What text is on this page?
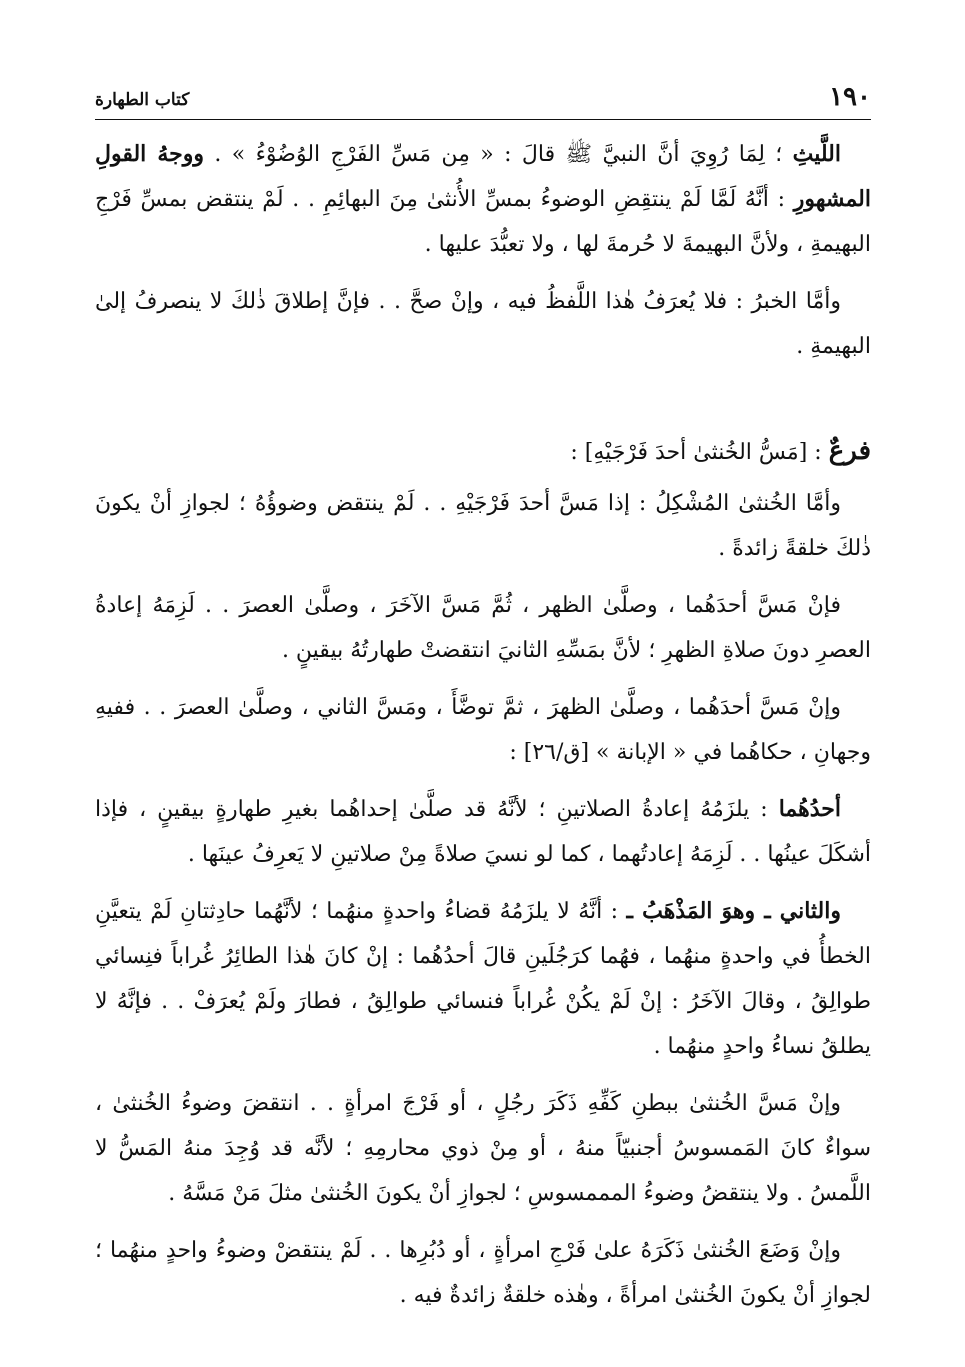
١٩٠
كتاب الطهارة
اللَّيثِ ؛ لِمَا رُوِيَ أنَّ النبيَّ ﷺ قالَ : « مِن مَسِّ الفَرْجِ الوُضُوْءُ » . ووجهُ القولِ المشهورِ : أنَّهُ لَمَّا لَمْ ينتقِضِ الوضوءُ بمسِّ الأُنثىٰ مِنَ البهائِمِ . . لَمْ ينتقض بمسِّ فَرْجِ البهيمةِ ، ولأنَّ البهيمةَ لا حُرمةَ لها ، ولا تعبُّدَ عليها .
وأمَّا الخبرُ : فلا يُعرَفُ هٰذا اللَّفظُ فيه ، وإنْ صحَّ . . فإنَّ إطلاقَ ذٰلكَ لا ينصرفُ إلىٰ البهيمةِ .
فرعٌ : [مَسُّ الخُنثىٰ أحدَ فَرْجَيْهِ] :
وأمَّا الخُنثىٰ المُشْكِلُ : إذا مَسَّ أحدَ فَرْجَيْهِ . . لَمْ ينتقض وضوؤُهُ ؛ لجوازِ أنْ يكونَ ذٰلكَ خلقةً زائدةً .
فإنْ مَسَّ أحدَهُما ، وصلَّىٰ الظهر ، ثُمَّ مَسَّ الآخَرَ ، وصلَّىٰ العصرَ . . لَزِمَهُ إعادةُ العصرِ دونَ صلاةِ الظهرِ ؛ لأنَّ بمَسِّهِ الثانيَ انتقضتْ طهارتُهُ بيقينٍ .
وإنْ مَسَّ أحدَهُما ، وصلَّىٰ الظهرَ ، ثمَّ توضَّأَ ، ومَسَّ الثاني ، وصلَّىٰ العصرَ . . ففيهِ وجهانِ ، حكاهُما في « الإبانة » [ق/٢٦] :
أحدُهُما : يلزَمُهُ إعادةُ الصلاتينِ ؛ لأنَّهُ قد صلَّىٰ إحداهُما بغيرِ طهارةٍ بيقينٍ ، فإذا أشكَلَ عينُها . . لَزِمَهُ إعادتُهما ، كما لو نسيَ صلاةً مِنْ صلاتينِ لا يَعرِفُ عينَها .
والثاني ـ وهوَ المَذْهَبُ ـ : أنَّهُ لا يلزَمُهُ قضاءُ واحدةٍ منهُما ؛ لأنَّهُما حادِثتانِ لَمْ يتعيَّنِ الخطأُ في واحدةٍ منهُما ، فهُما كرَجُلَينِ قالَ أحدُهُما : إنْ كانَ هٰذا الطائِرُ غُراباً فنِسائي طوالِقُ ، وقالَ الآخَرُ : إنْ لَمْ يكُنْ غُراباً فنسائي طوالِقُ ، فطارَ ولَمْ يُعرَفْ . . فإنَّهُ لا يطلقُ نساءُ واحدٍ منهُما .
وإنْ مَسَّ الخُنثىٰ ببطنِ كَفِّهِ ذَكَرَ رجُلٍ ، أو فَرْجَ امرأةٍ . . انتقضَ وضوءُ الخُنثىٰ ، سواءٌ كانَ المَمسوسُ أجنبيّاً منهُ ، أو مِنْ ذوي محارمِهِ ؛ لأنَّه قد وُجِدَ منهُ المَسُّ لا اللَّمسُ . ولا ينتقضُ وضوءُ المممسوسِ ؛ لجوازِ أنْ يكونَ الخُنثىٰ مثلَ مَنْ مَسَّهُ .
وإنْ وَضَعَ الخُنثىٰ ذَكَرَهُ علىٰ فَرْجِ امرأةٍ ، أو دُبُرِها . . لَمْ ينتقضْ وضوءُ واحدٍ منهُما ؛ لجوازِ أنْ يكونَ الخُنثىٰ امرأةً ، وهٰذه خلقةٌ زائدةٌ فيه .
